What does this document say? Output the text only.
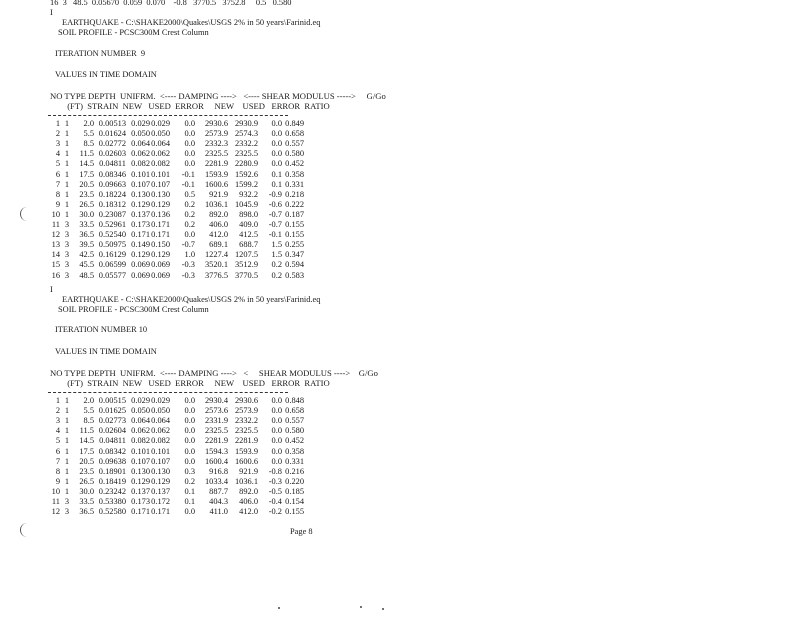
16  3   48.5  0.05670  0.059  0.070    -0.8   3770.5   3752.8     0.5   0.580
I
EARTHQUAKE - C:\SHAKE2000\Quakes\USGS 2% in 50 years\Farinid.eq
SOIL PROFILE - PCSC300M Crest Column
ITERATION NUMBER  9
VALUES IN TIME DOMAIN
NO TYPE DEPTH  UNIFRM.  <---- DAMPING ---->   <---- SHEAR MODULUS ----->     G/Go
(FT)  STRAIN  NEW   USED  ERROR     NEW    USED   ERROR  RATIO
1 1 2.0 0.00513 0.029 0.029 0.0 2930.6 2930.9 0.0 0.849
2 1 5.5 0.01624 0.050 0.050 0.0 2573.9 2574.3 0.0 0.658
3 1 8.5 0.02772 0.064 0.064 0.0 2332.3 2332.2 0.0 0.557
4 1 11.5 0.02603 0.062 0.062 0.0 2325.5 2325.5 0.0 0.580
5 1 14.5 0.04811 0.082 0.082 0.0 2281.9 2280.9 0.0 0.452
6 1 17.5 0.08346 0.101 0.101 -0.1 1593.9 1592.6 0.1 0.358
7 1 20.5 0.09663 0.107 0.107 -0.1 1600.6 1599.2 0.1 0.331
8 1 23.5 0.18224 0.130 0.130 0.5 921.9 932.2 -0.9 0.218
9 1 26.5 0.18312 0.129 0.129 0.2 1036.1 1045.9 -0.6 0.222
10 1 30.0 0.23087 0.137 0.136 0.2 892.0 898.0 -0.7 0.187
11 3 33.5 0.52961 0.173 0.171 0.2 406.0 409.0 -0.7 0.155
12 3 36.5 0.52540 0.171 0.171 0.0 412.0 412.5 -0.1 0.155
13 3 39.5 0.50975 0.149 0.150 -0.7 689.1 688.7 1.5 0.255
14 3 42.5 0.16129 0.129 0.129 1.0 1227.4 1207.5 1.5 0.347
15 3 45.5 0.06599 0.069 0.069 -0.3 3520.1 3512.9 0.2 0.594
16 3 48.5 0.05577 0.069 0.069 -0.3 3776.5 3770.5 0.2 0.583
I
EARTHQUAKE - C:\SHAKE2000\Quakes\USGS 2% in 50 years\Farinid.eq
SOIL PROFILE - PCSC300M Crest Column
ITERATION NUMBER 10
VALUES IN TIME DOMAIN
NO TYPE DEPTH  UNIFRM.  <---- DAMPING ---->   <     SHEAR MODULUS ---->    G/Go
(FT)  STRAIN  NEW   USED  ERROR     NEW    USED   ERROR  RATIO
1 1 2.0 0.00515 0.029 0.029 0.0 2930.4 2930.6 0.0 0.848
2 1 5.5 0.01625 0.050 0.050 0.0 2573.6 2573.9 0.0 0.658
3 1 8.5 0.02773 0.064 0.064 0.0 2331.9 2332.2 0.0 0.557
4 1 11.5 0.02604 0.062 0.062 0.0 2325.5 2325.5 0.0 0.580
5 1 14.5 0.04811 0.082 0.082 0.0 2281.9 2281.9 0.0 0.452
6 1 17.5 0.08342 0.101 0.101 0.0 1594.3 1593.9 0.0 0.358
7 1 20.5 0.09638 0.107 0.107 0.0 1600.4 1600.6 0.0 0.331
8 1 23.5 0.18901 0.130 0.130 0.3 916.8 921.9 -0.8 0.216
9 1 26.5 0.18419 0.129 0.129 0.2 1033.4 1036.1 -0.3 0.220
10 1 30.0 0.23242 0.137 0.137 0.1 887.7 892.0 -0.5 0.185
11 3 33.5 0.53380 0.173 0.172 0.1 404.3 406.0 -0.4 0.154
12 3 36.5 0.52580 0.171 0.171 0.0 411.0 412.0 -0.2 0.155
Page 8
